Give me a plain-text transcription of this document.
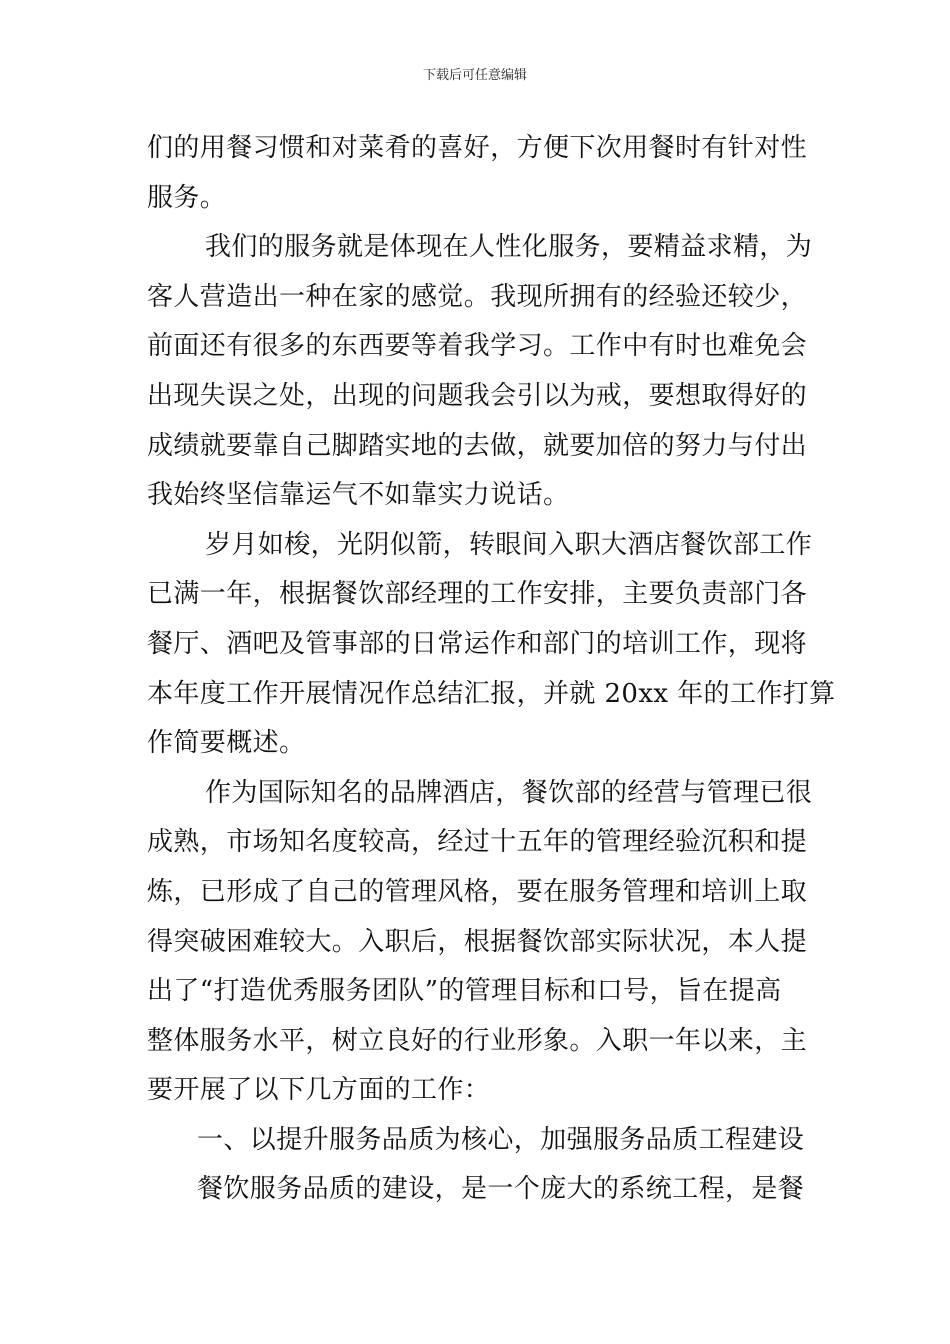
下载后可任意编辑
们的用餐习惯和对菜肴的喜好，方便下次用餐时有针对性
服务。
我们的服务就是体现在人性化服务，要精益求精，为
客人营造出一种在家的感觉。我现所拥有的经验还较少，
前面还有很多的东西要等着我学习。工作中有时也难免会
出现失误之处，出现的问题我会引以为戒，要想取得好的
成绩就要靠自己脚踏实地的去做，就要加倍的努力与付出
我始终坚信靠运气不如靠实力说话。
岁月如梭，光阴似箭，转眼间入职大酒店餐饮部工作
已满一年，根据餐饮部经理的工作安排，主要负责部门各
餐厅、酒吧及管事部的日常运作和部门的培训工作，现将
本年度工作开展情况作总结汇报，并就 20xx 年的工作打算
作简要概述。
作为国际知名的品牌酒店，餐饮部的经营与管理已很
成熟，市场知名度较高，经过十五年的管理经验沉积和提
炼，已形成了自己的管理风格，要在服务管理和培训上取
得突破困难较大。入职后，根据餐饮部实际状况，本人提
出了“打造优秀服务团队”的管理目标和口号，旨在提高
整体服务水平，树立良好的行业形象。入职一年以来，主
要开展了以下几方面的工作：
一、以提升服务品质为核心，加强服务品质工程建设
餐饮服务品质的建设，是一个庞大的系统工程，是餐
